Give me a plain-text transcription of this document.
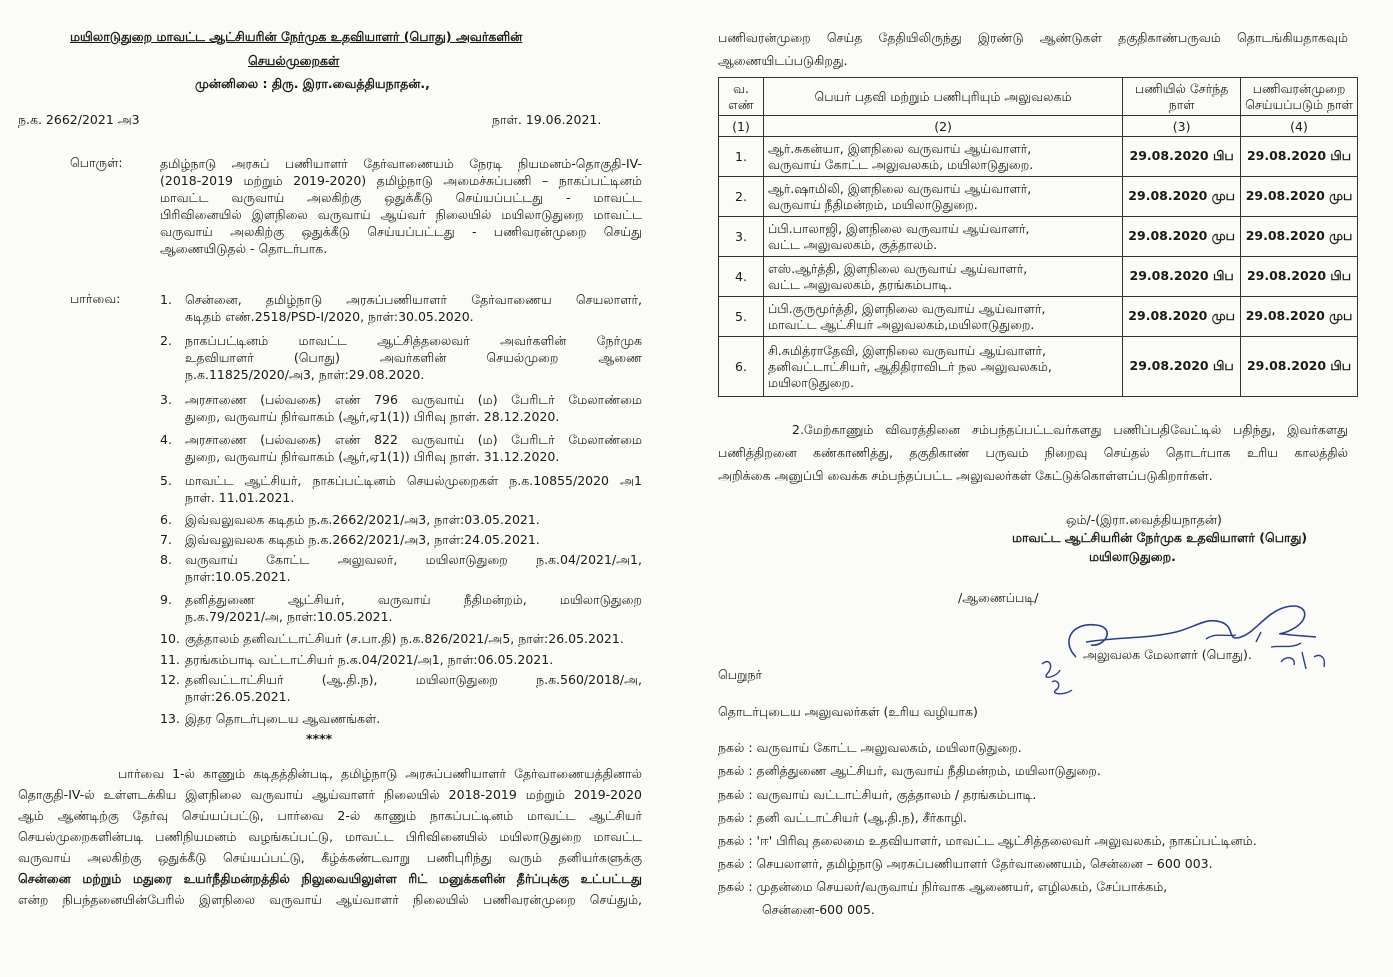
மயிலாடுதுறை மாவட்ட ஆட்சியரின் நேர்முக உதவியாளர் (பொது) அவர்களின்
செயல்முறைகள்
முன்னிலை : திரு. இரா.வைத்தியநாதன்.,
ந.க. 2662/2021 அ3	நாள். 19.06.2021.
பொருள்:	தமிழ்நாடு அரசுப் பணியாளர் தேர்வாணையம் நேரடி நியமனம்-தொகுதி-IV-
(2018-2019 மற்றும் 2019-2020) தமிழ்நாடு அமைச்சுப்பணி – நாகப்பட்டினம்
மாவட்ட வருவாய் அலகிற்கு ஒதுக்கீடு செய்யப்பட்டது - மாவட்ட
பிரிவினையில் இளநிலை வருவாய் ஆய்வர் நிலையில் மயிலாடுதுறை மாவட்ட
வருவாய் அலகிற்கு ஒதுக்கீடு செய்யப்பட்டது - பணிவரன்முறை செய்து
ஆணையிடுதல் - தொடர்பாக.
பார்வை:	1.	சென்னை, தமிழ்நாடு அரசுப்பணியாளர் தேர்வாணைய செயலாளர்,
கடிதம் எண்.2518/PSD-I/2020, நாள்:30.05.2020.
2.	நாகப்பட்டினம் மாவட்ட ஆட்சித்தலைவர் அவர்களின் நேர்முக
உதவியாளர் (பொது) அவர்களின் செயல்முறை ஆணை
ந.க.11825/2020/அ3, நாள்:29.08.2020.
3.	அரசாணை (பல்வகை) எண் 796 வருவாய் (ம) பேரிடர் மேலாண்மை
துறை, வருவாய் நிர்வாகம் (ஆர்,ஏ1(1)) பிரிவு நாள். 28.12.2020.
4.	அரசாணை (பல்வகை) எண் 822 வருவாய் (ம) பேரிடர் மேலாண்மை
துறை, வருவாய் நிர்வாகம் (ஆர்,ஏ1(1)) பிரிவு நாள். 31.12.2020.
5.	மாவட்ட ஆட்சியர், நாகப்பட்டினம் செயல்முறைகள் ந.க.10855/2020 அ1
நாள். 11.01.2021.
6.	இவ்வலுவலக கடிதம் ந.க.2662/2021/அ3, நாள்:03.05.2021.
7.	இவ்வலுவலக கடிதம் ந.க.2662/2021/அ3, நாள்:24.05.2021.
8.	வருவாய் கோட்ட அலுவலர், மயிலாடுதுறை ந.க.04/2021/அ1,
நாள்:10.05.2021.
9.	தனித்துணை ஆட்சியர், வருவாய் நீதிமன்றம், மயிலாடுதுறை
ந.க.79/2021/அ, நாள்:10.05.2021.
10. குத்தாலம் தனிவட்டாட்சியர் (ச.பா.தி) ந.க.826/2021/அ5, நாள்:26.05.2021.
11. தரங்கம்பாடி வட்டாட்சியர் ந.க.04/2021/அ1, நாள்:06.05.2021.
12. தனிவட்டாட்சியர் (ஆ.தி.ந), மயிலாடுதுறை ந.க.560/2018/அ,
நாள்:26.05.2021.
13. இதர தொடர்புடைய ஆவணங்கள்.
****
பார்வை 1-ல் காணும் கடிதத்தின்படி, தமிழ்நாடு அரசுப்பணியாளர் தேர்வாணையத்தினால்
தொகுதி-IV-ல் உள்ளடக்கிய இளநிலை வருவாய் ஆய்வாளர் நிலையில் 2018-2019 மற்றும் 2019-2020
ஆம் ஆண்டிற்கு தேர்வு செய்யப்பட்டு, பார்வை 2-ல் காணும் நாகப்பட்டினம் மாவட்ட ஆட்சியர்
செயல்முறைகளின்படி பணிநியமனம் வழங்கப்பட்டு, மாவட்ட பிரிவினையில் மயிலாடுதுறை மாவட்ட
வருவாய் அலகிற்கு ஒதுக்கீடு செய்யப்பட்டு, கீழ்க்கண்டவாறு பணிபுரிந்து வரும் தனியர்களுக்கு
சென்னை மற்றும் மதுரை உயர்நீதிமன்றத்தில் நிலுவையிலுள்ள ரிட் மனுக்களின் தீர்ப்புக்கு உட்பட்டது
என்ற நிபந்தனையின்பேரில் இளநிலை வருவாய் ஆய்வாளர் நிலையில் பணிவரன்முறை செய்தும்,
பணிவரன்முறை செய்த தேதியிலிருந்து இரண்டு ஆண்டுகள் தகுதிகாண்பருவம் தொடங்கியதாகவும்
ஆணையிடப்படுகிறது.
வ.
எண்	பெயர் பதவி மற்றும் பணிபுரியும் அலுவலகம்	பணியில் சேர்ந்த
நாள்	பணிவரன்முறை
செய்யப்படும் நாள்
(1)	(2)	(3)	(4)
1.	ஆர்.சுகன்யா, இளநிலை வருவாய் ஆய்வாளர்,
வருவாய் கோட்ட அலுவலகம், மயிலாடுதுறை.	29.08.2020 பிப	29.08.2020 பிப
2.	ஆர்.ஷாமிலி, இளநிலை வருவாய் ஆய்வாளர்,
வருவாய் நீதிமன்றம், மயிலாடுதுறை.	29.08.2020 முப	29.08.2020 முப
3.	ப்பி.பாலாஜி, இளநிலை வருவாய் ஆய்வாளர்,
வட்ட அலுவலகம், குத்தாலம்.	29.08.2020 முப	29.08.2020 முப
4.	எஸ்.ஆர்த்தி, இளநிலை வருவாய் ஆய்வாளர்,
வட்ட அலுவலகம், தரங்கம்பாடி.	29.08.2020 பிப	29.08.2020 பிப
5.	ப்பி.குருமூர்த்தி, இளநிலை வருவாய் ஆய்வாளர்,
மாவட்ட ஆட்சியர் அலுவலகம்,மயிலாடுதுறை.	29.08.2020 முப	29.08.2020 முப
6.	சி.சுமித்ராதேவி, இளநிலை வருவாய் ஆய்வாளர்,
தனிவட்டாட்சியர், ஆதிதிராவிடர் நல அலுவலகம்,
மயிலாடுதுறை.	29.08.2020 பிப	29.08.2020 பிப
2.மேற்காணும் விவரத்தினை சம்பந்தப்பட்டவர்களது பணிப்பதிவேட்டில் பதிந்து, இவர்களது
பணித்திறனை கண்காணித்து, தகுதிகாண் பருவம் நிறைவு செய்தல் தொடர்பாக உரிய காலத்தில்
அறிக்கை அனுப்பி வைக்க சம்பந்தப்பட்ட அலுவலர்கள் கேட்டுக்கொள்ளப்படுகிறார்கள்.
ஒம்/-(இரா.வைத்தியநாதன்)
மாவட்ட ஆட்சியரின் நேர்முக உதவியாளர் (பொது)
மயிலாடுதுறை.
/ஆணைப்படி/
அலுவலக மேலாளர் (பொது).
பெறுநர்
தொடர்புடைய அலுவலர்கள் (உரிய வழியாக)
நகல் : வருவாய் கோட்ட அலுவலகம், மயிலாடுதுறை.
நகல் : தனித்துணை ஆட்சியர், வருவாய் நீதிமன்றம், மயிலாடுதுறை.
நகல் : வருவாய் வட்டாட்சியர், குத்தாலம் / தரங்கம்பாடி.
நகல் : தனி வட்டாட்சியர் (ஆ.தி.ந), சீர்காழி.
நகல் : 'ஈ' பிரிவு தலைமை உதவியாளர், மாவட்ட ஆட்சித்தலைவர் அலுவலகம், நாகப்பட்டினம்.
நகல் : செயலாளர், தமிழ்நாடு அரசுப்பணியாளர் தேர்வாணையம், சென்னை – 600 003.
நகல் : முதன்மை செயலர்/வருவாய் நிர்வாக ஆணையர், எழிலகம், சேப்பாக்கம்,
சென்னை-600 005.
